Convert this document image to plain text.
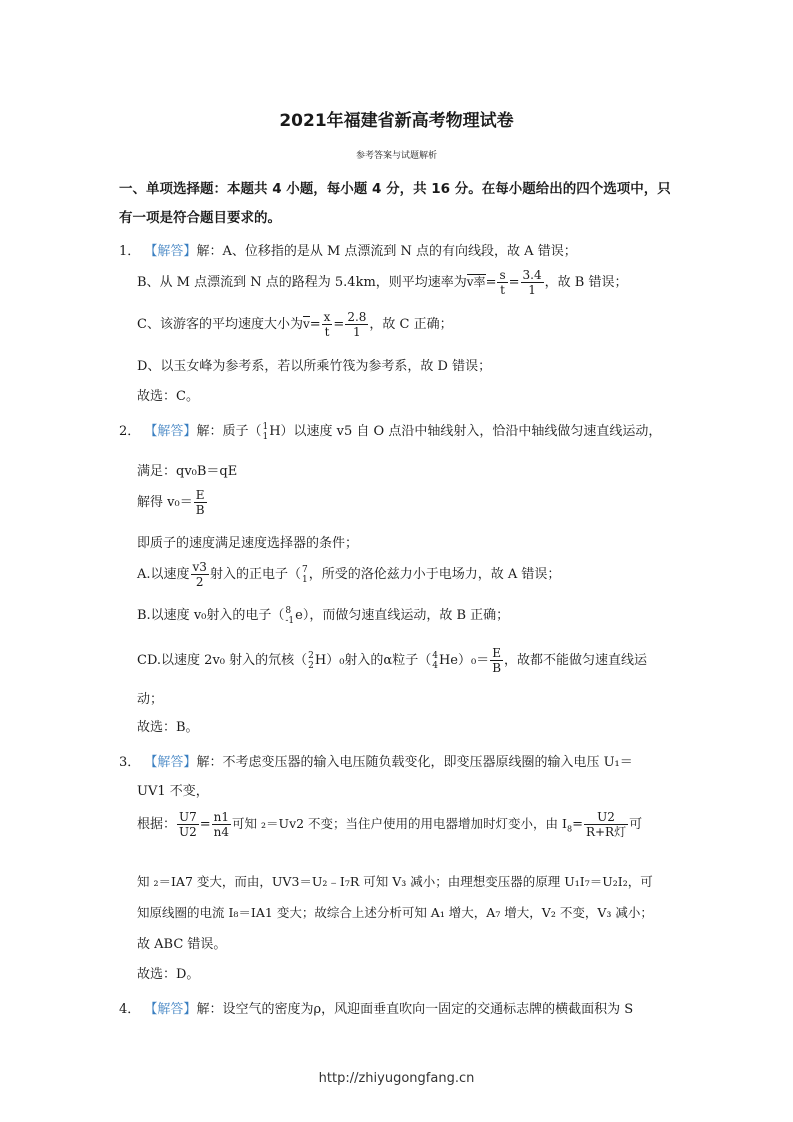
2021年福建省新高考物理试卷
参考答案与试题解析
一、单项选择题：本题共 4 小题，每小题 4 分，共 16 分。在每小题给出的四个选项中，只
有一项是符合题目要求的。
1． 【解答】解：A、位移指的是从 M 点漂流到 N 点的有向线段，故 A 错误；
B、从 M 点漂流到 N 点的路程为 5.4km，则平均速率为v率= $\frac{s}{t} = \frac{3.4}{1}$ ，故 B 错误；
C、该游客的平均速度大小为$v= \frac{x}{t} = \frac{2.8}{1}$ ，故 C 正确；
D、以玉女峰为参考系，若以所乘竹筏为参考系，故 D 错误；
故选：C。
2． 【解答】解：质子（ 1
1 H）以速度 v5 自 O 点沿中轴线射入，恰沿中轴线做匀速直线运动，
满足：qv₀B＝qE
解得 $v_0= \frac{E}{B}$
即质子的速度满足速度选择器的条件；
A.以速度 $\frac{v3}{2}$ 射入的正电子（ 7
1 ，所受的洛伦兹力小于电场力，故 A 错误；
B.以速度 v₀射入的电子（ 8
-1 e），而做匀速直线运动，故 B 正确；
CD.以速度 2v₀ 射入的氘核（ 2
2 H）₀射入的α粒子（ 4
4 $He)_0= \frac{E}{B}$ ，故都不能做匀速直线运
动；
故选：B。
3． 【解答】解：不考虑变压器的输入电压随负载变化，即变压器原线圈的输入电压 U₁＝
UV1 不变，
根据： $\frac{U7}{U2} = \frac{n1}{n4}$ 可知 ₂＝Uv2 不变；当住户使用的用电器增加时灯变小，由 $I_8= \frac{U2}{\text{R+R灯}}$ 可
知 ₂＝IA7 变大，而由，UV3＝U₂﹣I₇R 可知 V₃ 减小；由理想变压器的原理 U₁I₇＝U₂I₂，可
知原线圈的电流 I₈＝IA1 变大；故综合上述分析可知 A₁ 增大，A₇ 增大，V₂ 不变，V₃ 减小；
故 ABC 错误。
故选：D。
4． 【解答】解：设空气的密度为ρ，风迎面垂直吹向一固定的交通标志牌的横截面积为 S
http://zhiyugongfang.cn
